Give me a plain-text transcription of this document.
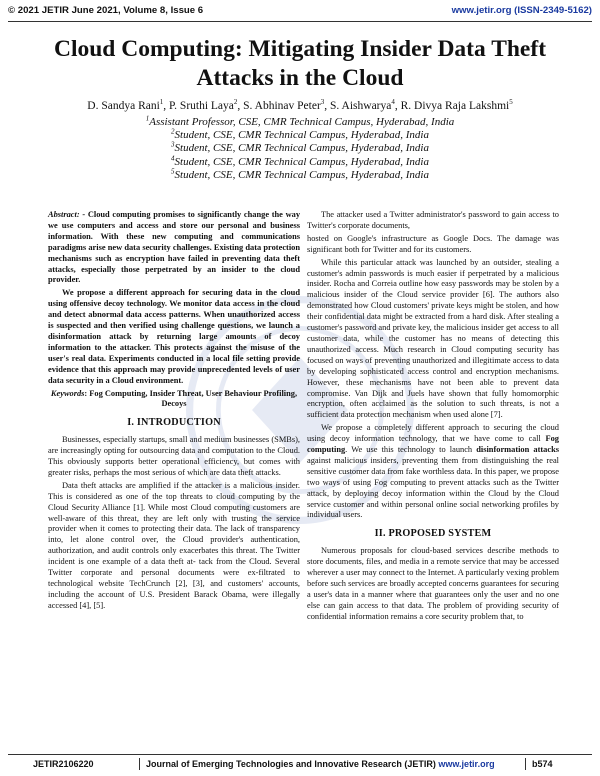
© 2021 JETIR June 2021, Volume 8, Issue 6	www.jetir.org (ISSN-2349-5162)
Cloud Computing: Mitigating Insider Data Theft Attacks in the Cloud
D. Sandya Rani$^1$, P. Sruthi Laya$^2$, S. Abhinav Peter$^3$, S. Aishwarya$^4$, R. Divya Raja Lakshmi$^5$
$^1$Assistant Professor, CSE, CMR Technical Campus, Hyderabad, India
$^2$Student, CSE, CMR Technical Campus, Hyderabad, India
$^3$Student, CSE, CMR Technical Campus, Hyderabad, India
$^4$Student, CSE, CMR Technical Campus, Hyderabad, India
$^5$Student, CSE, CMR Technical Campus, Hyderabad, India

Abstract: - Cloud computing promises to significantly change the way we use computers and access and store our personal and business information. With these new computing and communications paradigms arise new data security challenges. Existing data protection mechanisms such as encryption have failed in preventing data theft attacks, especially those perpetrated by an insider to the cloud provider.

We propose a different approach for securing data in the cloud using offensive decoy technology. We monitor data access in the cloud and detect abnormal data access patterns. When unauthorized access is suspected and then verified using challenge questions, we launch a disinformation attack by returning large amounts of decoy information to the attacker. This protects against the misuse of the user's real data. Experiments conducted in a local file setting provide evidence that this approach may provide unprecedented levels of user data security in a Cloud environment.

Keywords: Fog Computing, Insider Threat, User Behaviour Profiling, Decoys

I. INTRODUCTION

Businesses, especially startups, small and medium businesses (SMBs), are increasingly opting for outsourcing data and computation to the Cloud. This obviously supports better operational efficiency, but comes with greater risks, perhaps the most serious of which are data theft attacks.

Data theft attacks are amplified if the attacker is a malicious insider. This is considered as one of the top threats to cloud computing by the Cloud Security Alliance [1]. While most Cloud computing customers are well-aware of this threat, they are left only with trusting the service provider when it comes to protecting their data. The lack of transparency into, let alone control over, the Cloud provider's authentication, authorization, and audit controls only exacerbates this threat. The Twitter incident is one example of a data theft at- tack from the Cloud. Several Twitter corporate and personal documents were ex-filtrated to technological website TechCrunch [2], [3], and customers' accounts, including the account of U.S. President Barack Obama, were illegally accessed [4], [5].

The attacker used a Twitter administrator's password to gain access to Twitter's corporate documents,

hosted on Google's infrastructure as Google Docs. The damage was significant both for Twitter and for its customers.

While this particular attack was launched by an outsider, stealing a customer's admin passwords is much easier if perpetrated by a malicious insider. Rocha and Correia outline how easy passwords may be stolen by a malicious insider of the Cloud service provider [6]. The authors also demonstrated how Cloud customers' private keys might be stolen, and how their confidential data might be extracted from a hard disk. After stealing a customer's password and private key, the malicious insider get access to all customer data, while the customer has no means of detecting this unauthorized access. Much research in Cloud computing security has focused on ways of preventing unauthorized and illegitimate access to data by developing sophisticated access control and encryption mechanisms. However, these mechanisms have not been able to prevent data compromise. Van Dijk and Juels have shown that fully homomorphic encryption, often acclaimed as the solution to such threats, is not a sufficient data protection mechanism when used alone [7].

We propose a completely different approach to securing the cloud using decoy information technology, that we have come to call Fog computing. We use this technology to launch disinformation attacks against malicious insiders, preventing them from distinguishing the real sensitive customer data from fake worthless data. In this paper, we propose two ways of using Fog computing to prevent attacks such as the Twitter attack, by deploying decoy information within the Cloud by the Cloud service customer and within personal online social networking profiles by individual users.

II. PROPOSED SYSTEM

Numerous proposals for cloud-based services describe methods to store documents, files, and media in a remote service that may be accessed wherever a user may connect to the Internet. A particularly vexing problem before such services are broadly accepted concerns guarantees for securing a user's data in a manner where that guarantees only the user and no one else can gain access to that data. The problem of providing security of confidential information remains a core security problem that, to

JETIR2106220	Journal of Emerging Technologies and Innovative Research (JETIR) www.jetir.org	b574
